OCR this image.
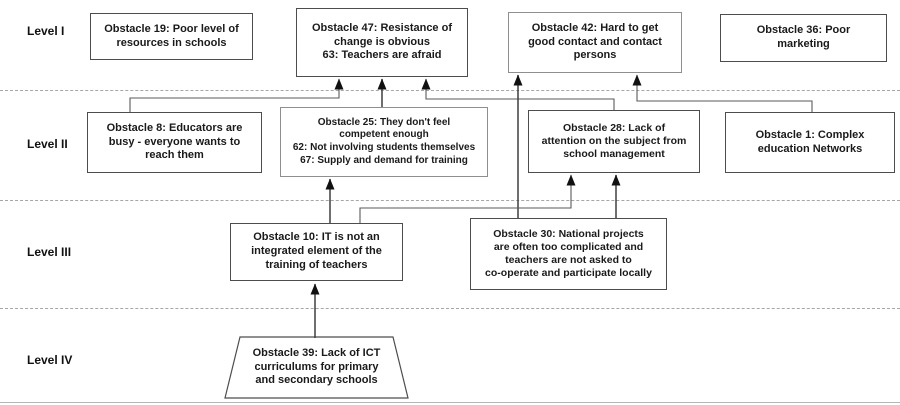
Level I
Level II
Level III
Level IV
Obstacle 19: Poor level of
resources in schools
Obstacle 47: Resistance of
change is obvious
63: Teachers are afraid
Obstacle 42: Hard to get
good contact and contact
persons
Obstacle 36: Poor
marketing
Obstacle 8: Educators are
busy - everyone wants to
reach them
Obstacle 25: They don't feel
competent enough
62: Not involving students themselves
67: Supply and demand for training
Obstacle 28: Lack of
attention on the subject from
school management
Obstacle 1: Complex
education Networks
Obstacle 10: IT is not an
integrated element of the
training of teachers
Obstacle 30: National projects
are often too complicated and
teachers are not asked to
co-operate and participate locally
Obstacle 39: Lack of ICT
curriculums for primary
and secondary schools
